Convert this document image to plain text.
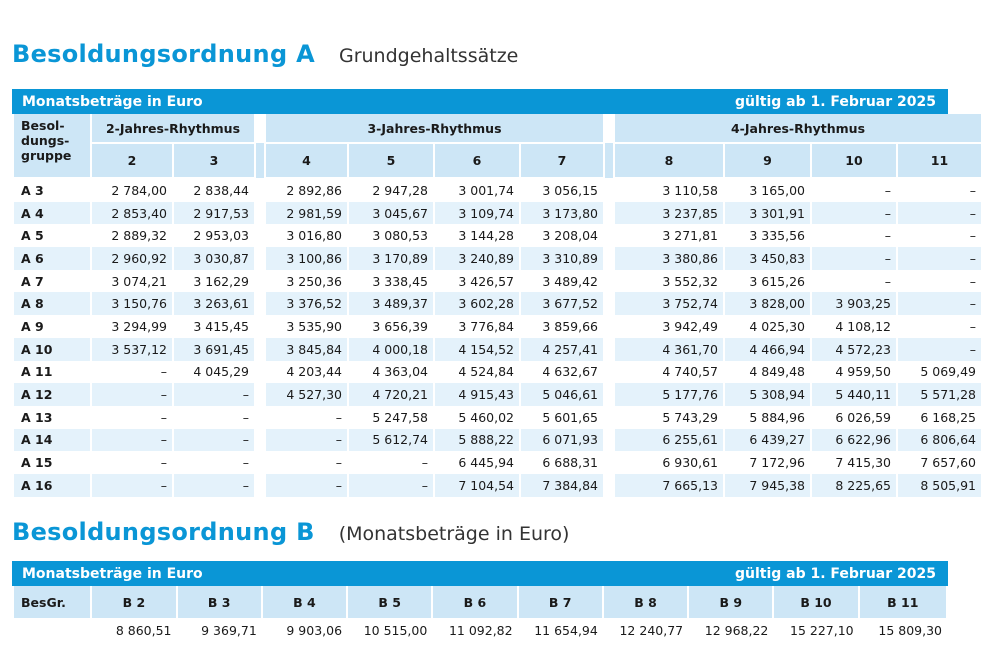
Besoldungsordnung A Grundgehaltssätze
Monatsbeträge in Euro	gültig ab 1. Februar 2025
Besol-dungs-gruppe	2-Jahres-Rhythmus			3-Jahres-Rhythmus					4-Jahres-Rhythmus			
	2	3		4	5	6	7		8	9	10	11
A 3	2 784,00	2 838,44		2 892,86	2 947,28	3 001,74	3 056,15		3 110,58	3 165,00	–	–
A 4	2 853,40	2 917,53		2 981,59	3 045,67	3 109,74	3 173,80		3 237,85	3 301,91	–	–
A 5	2 889,32	2 953,03		3 016,80	3 080,53	3 144,28	3 208,04		3 271,81	3 335,56	–	–
A 6	2 960,92	3 030,87		3 100,86	3 170,89	3 240,89	3 310,89		3 380,86	3 450,83	–	–
A 7	3 074,21	3 162,29		3 250,36	3 338,45	3 426,57	3 489,42		3 552,32	3 615,26	–	–
A 8	3 150,76	3 263,61		3 376,52	3 489,37	3 602,28	3 677,52		3 752,74	3 828,00	3 903,25	–
A 9	3 294,99	3 415,45		3 535,90	3 656,39	3 776,84	3 859,66		3 942,49	4 025,30	4 108,12	–
A 10	3 537,12	3 691,45		3 845,84	4 000,18	4 154,52	4 257,41		4 361,70	4 466,94	4 572,23	–
A 11	–	4 045,29		4 203,44	4 363,04	4 524,84	4 632,67		4 740,57	4 849,48	4 959,50	5 069,49
A 12	–	–		4 527,30	4 720,21	4 915,43	5 046,61		5 177,76	5 308,94	5 440,11	5 571,28
A 13	–	–		–	5 247,58	5 460,02	5 601,65		5 743,29	5 884,96	6 026,59	6 168,25
A 14	–	–		–	5 612,74	5 888,22	6 071,93		6 255,61	6 439,27	6 622,96	6 806,64
A 15	–	–		–	–	6 445,94	6 688,31		6 930,61	7 172,96	7 415,30	7 657,60
A 16	–	–		–	–	7 104,54	7 384,84		7 665,13	7 945,38	8 225,65	8 505,91
Besoldungsordnung B (Monatsbeträge in Euro)
Monatsbeträge in Euro	gültig ab 1. Februar 2025
BesGr.	B 2	B 3	B 4	B 5	B 6	B 7	B 8	B 9	B 10	B 11
	8 860,51	9 369,71	9 903,06	10 515,00	11 092,82	11 654,94	12 240,77	12 968,22	15 227,10	15 809,30
